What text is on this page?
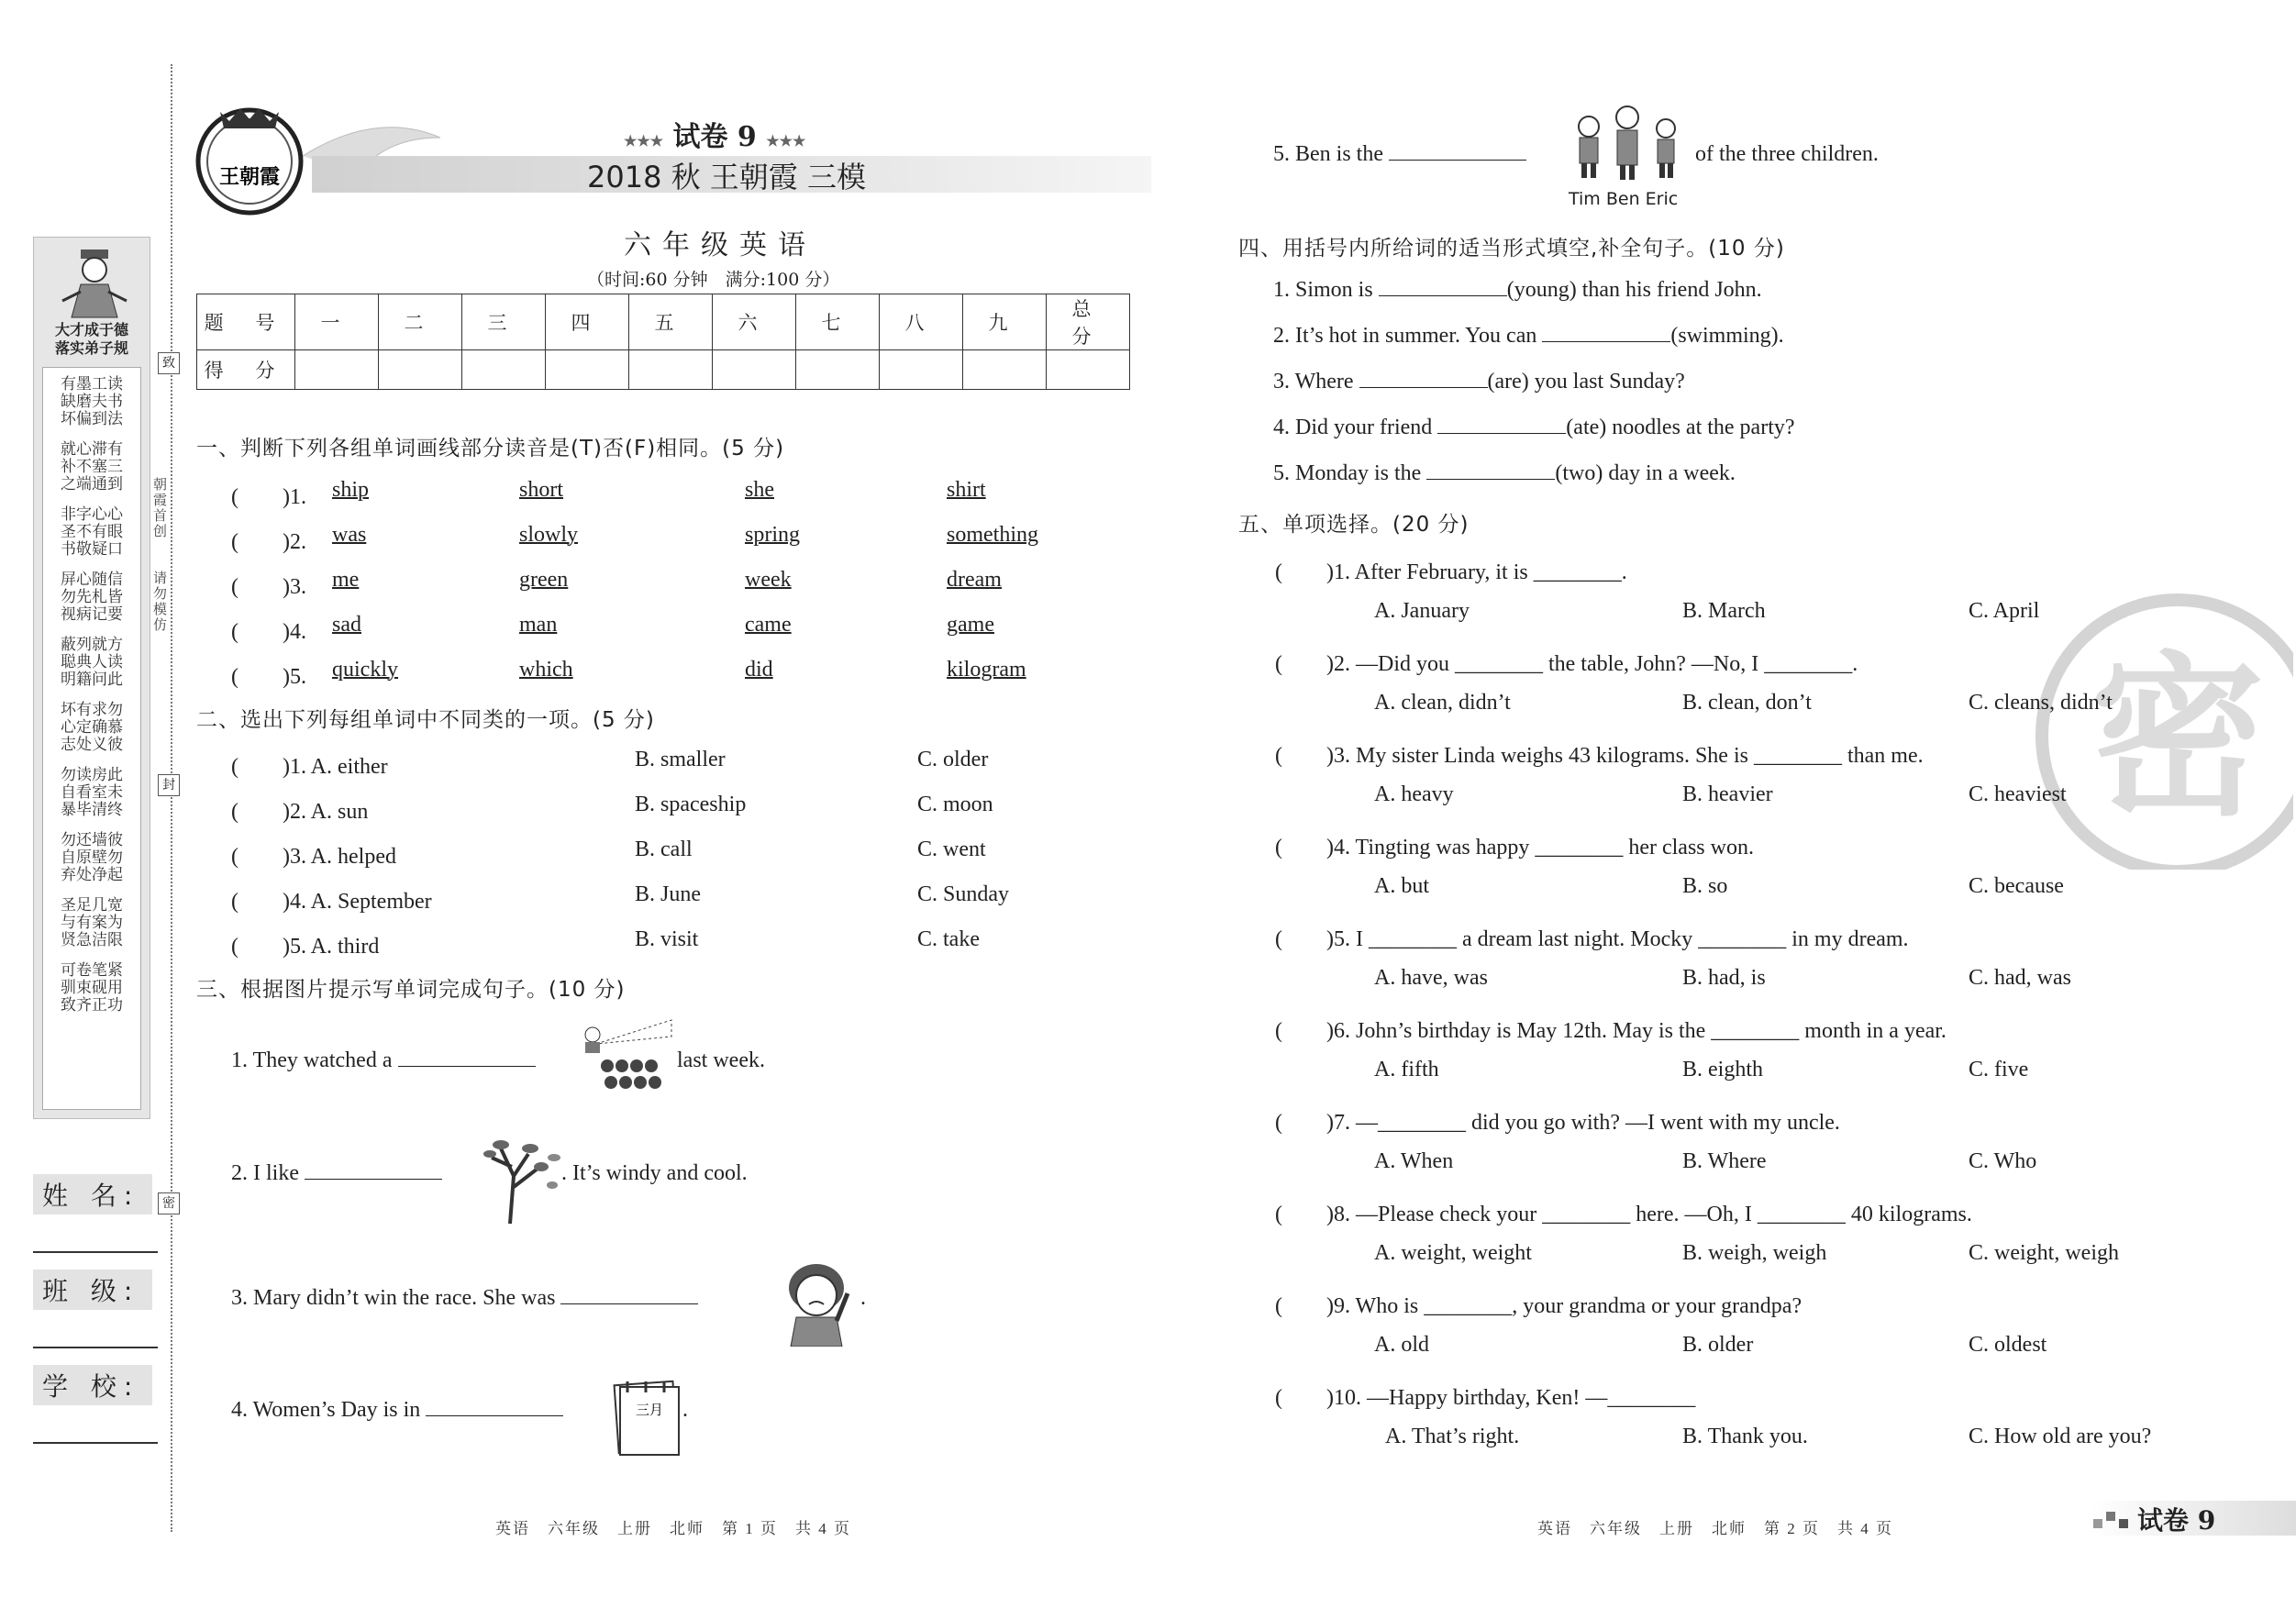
大才成于德
落实弟子规
有墨工读
缺磨夫书
坏偏到法
就心滞有
补不塞三
之端通到
非字心心
圣不有眼
书敬疑口
屏心随信
勿先札皆
视病记要
蔽列就方
聪典人读
明籍问此
坏有求勿
心定确慕
志处义彼
勿读房此
自看室未
暴毕清终
勿还墙彼
自原壁勿
弃处净起
圣足几宽
与有案为
贤急洁限
可卷笔紧
驯束砚用
致齐正功
姓 名:
班 级:
学 校:
致
封
密
朝霞首创
请勿模仿
王朝霞
★★★ 试卷 9 ★★★
2018 秋 王朝霞 三模
六年级英语
（时间:60 分钟　满分:100 分）
题 号	一	二	三	四	五	六	七	八	九	总 分
得 分										
一、判断下列各组单词画线部分读音是(T)否(F)相同。(5 分)
(　　)1. ship	short	she	shirt
(　　)2. was	slowly	spring	something
(　　)3. me	green	week	dream
(　　)4. sad	man	came	game
(　　)5. quickly	which	did	kilogram
二、选出下列每组单词中不同类的一项。(5 分)
(　　)1. A. either	B. smaller	C. older
(　　)2. A. sun	B. spaceship	C. moon
(　　)3. A. helped	B. call	C. went
(　　)4. A. September	B. June	C. Sunday
(　　)5. A. third	B. visit	C. take
三、根据图片提示写单词完成句子。(10 分)
1. They watched a	last week.
2. I like	. It’s windy and cool.
3. Mary didn’t win the race. She was	.
4. Women’s Day is in	三月 .
5. Ben is the
Tim Ben Eric
of the three children.
四、用括号内所给词的适当形式填空,补全句子。(10 分)
1. Simon is	(young) than his friend John.
2. It’s hot in summer. You can	(swimming).
3. Where	(are) you last Sunday?
4. Did your friend	(ate) noodles at the party?
5. Monday is the	(two) day in a week.
密
五、单项选择。(20 分)
(　　)1. After February, it is ________.
A. January	B. March	C. April
(　　)2. —Did you ________ the table, John? —No, I ________.
A. clean, didn’t	B. clean, don’t	C. cleans, didn’t
(　　)3. My sister Linda weighs 43 kilograms. She is ________ than me.
A. heavy	B. heavier	C. heaviest
(　　)4. Tingting was happy ________ her class won.
A. but	B. so	C. because
(　　)5. I ________ a dream last night. Mocky ________ in my dream.
A. have, was	B. had, is	C. had, was
(　　)6. John’s birthday is May 12th. May is the ________ month in a year.
A. fifth	B. eighth	C. five
(　　)7. —________ did you go with? —I went with my uncle.
A. When	B. Where	C. Who
(　　)8. —Please check your ________ here. —Oh, I ________ 40 kilograms.
A. weight, weight	B. weigh, weigh	C. weight, weigh
(　　)9. Who is ________, your grandma or your grandpa?
A. old	B. older	C. oldest
(　　)10. —Happy birthday, Ken! —________
A. That’s right.	B. Thank you.	C. How old are you?
英语　六年级　上册　北师　第 1 页　共 4 页	英语　六年级　上册　北师　第 2 页　共 4 页	试卷 9
